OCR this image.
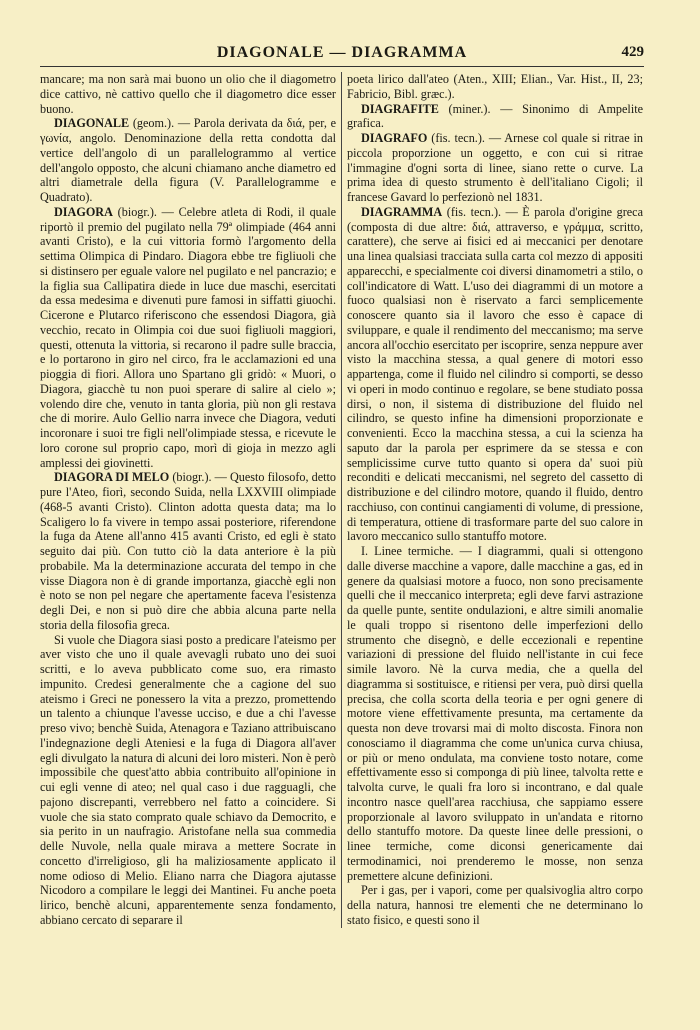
DIAGONALE — DIAGRAMMA	429

mancare; ma non sarà mai buono un olio che il diagometro dice cattivo, nè cattivo quello che il diagometro dice esser buono.

DIAGONALE (geom.). — Parola derivata da διά, per, e γωνία, angolo. Denominazione della retta condotta dal vertice dell'angolo di un parallelogrammo al vertice dell'angolo opposto, che alcuni chiamano anche diametro ed altri diametrale della figura (V. Parallelogramme e Quadrato).

DIAGORA (biogr.). — Celebre atleta di Rodi, il quale riportò il premio del pugilato nella 79ª olimpiade (464 anni avanti Cristo), e la cui vittoria formò l'argomento della settima Olimpica di Pindaro. Diagora ebbe tre figliuoli che si distinsero per eguale valore nel pugilato e nel pancrazio; e la figlia sua Callipatira diede in luce due maschi, esercitati da essa medesima e divenuti pure famosi in siffatti giuochi. Cicerone e Plutarco riferiscono che essendosi Diagora, già vecchio, recato in Olimpia coi due suoi figliuoli maggiori, questi, ottenuta la vittoria, si recarono il padre sulle braccia, e lo portarono in giro nel circo, fra le acclamazioni ed una pioggia di fiori. Allora uno Spartano gli gridò: « Muori, o Diagora, giacchè tu non puoi sperare di salire al cielo »; volendo dire che, venuto in tanta gloria, più non gli restava che di morire. Aulo Gellio narra invece che Diagora, veduti incoronare i suoi tre figli nell'olimpiade stessa, e ricevute le loro corone sul proprio capo, morì di gioja in mezzo agli amplessi dei giovinetti.

DIAGORA DI MELO (biogr.). — Questo filosofo, detto pure l'Ateo, fiorì, secondo Suida, nella LXXVIII olimpiade (468-5 avanti Cristo). Clinton adotta questa data; ma lo Scaligero lo fa vivere in tempo assai posteriore, riferendone la fuga da Atene all'anno 415 avanti Cristo, ed egli è stato seguito dai più. Con tutto ciò la data anteriore è la più probabile. Ma la determinazione accurata del tempo in che visse Diagora non è di grande importanza, giacchè egli non è noto se non pel negare che apertamente faceva l'esistenza degli Dei, e non si può dire che abbia alcuna parte nella storia della filosofia greca.

Si vuole che Diagora siasi posto a predicare l'ateismo per aver visto che uno il quale avevagli rubato uno dei suoi scritti, e lo aveva pubblicato come suo, era rimasto impunito. Credesi generalmente che a cagione del suo ateismo i Greci ne ponessero la vita a prezzo, promettendo un talento a chiunque l'avesse ucciso, e due a chi l'avesse preso vivo; benchè Suida, Atenagora e Taziano attribuiscano l'indegnazione degli Ateniesi e la fuga di Diagora all'aver egli divulgato la natura di alcuni dei loro misteri. Non è però impossibile che quest'atto abbia contribuito all'opinione in cui egli venne di ateo; nel qual caso i due ragguagli, che pajono discrepanti, verrebbero nel fatto a coincidere. Si vuole che sia stato comprato quale schiavo da Democrito, e sia perito in un naufragio. Aristofane nella sua commedia delle Nuvole, nella quale mirava a mettere Socrate in concetto d'irreligioso, gli ha maliziosamente applicato il nome odioso di Melio. Eliano narra che Diagora ajutasse Nicodoro a compilare le leggi dei Mantinei. Fu anche poeta lirico, benchè alcuni, apparentemente senza fondamento, abbiano cercato di separare il

poeta lirico dall'ateo (Aten., XIII; Elian., Var. Hist., II, 23; Fabricio, Bibl. græc.).

DIAGRAFITE (miner.). — Sinonimo di Ampelite grafica.

DIAGRAFO (fis. tecn.). — Arnese col quale si ritrae in piccola proporzione un oggetto, e con cui si ritrae l'immagine d'ogni sorta di linee, siano rette o curve. La prima idea di questo strumento è dell'italiano Cigoli; il francese Gavard lo perfezionò nel 1831.

DIAGRAMMA (fis. tecn.). — È parola d'origine greca (composta di due altre: διά, attraverso, e γράμμα, scritto, carattere), che serve ai fisici ed ai meccanici per denotare una linea qualsiasi tracciata sulla carta col mezzo di appositi apparecchi, e specialmente coi diversi dinamometri a stilo, o coll'indicatore di Watt. L'uso dei diagrammi di un motore a fuoco qualsiasi non è riservato a farci semplicemente conoscere quanto sia il lavoro che esso è capace di sviluppare, e quale il rendimento del meccanismo; ma serve ancora all'occhio esercitato per iscoprire, senza neppure aver visto la macchina stessa, a qual genere di motori esso appartenga, come il fluido nel cilindro si comporti, se desso vi operi in modo continuo e regolare, se bene studiato possa dirsi, o non, il sistema di distribuzione del fluido nel cilindro, se questo infine ha dimensioni proporzionate e convenienti. Ecco la macchina stessa, a cui la scienza ha saputo dar la parola per esprimere da se stessa e con semplicissime curve tutto quanto si opera da' suoi più reconditi e delicati meccanismi, nel segreto del cassetto di distribuzione e del cilindro motore, quando il fluido, dentro racchiuso, con continui cangiamenti di volume, di pressione, di temperatura, ottiene di trasformare parte del suo calore in lavoro meccanico sullo stantuffo motore.

I. Linee termiche. — I diagrammi, quali si ottengono dalle diverse macchine a vapore, dalle macchine a gas, ed in genere da qualsiasi motore a fuoco, non sono precisamente quelli che il meccanico interpreta; egli deve farvi astrazione da quelle punte, sentite ondulazioni, e altre simili anomalie le quali troppo si risentono delle imperfezioni dello strumento che disegnò, e delle eccezionali e repentine variazioni di pressione del fluido nell'istante in cui fece simile lavoro. Nè la curva media, che a quella del diagramma si sostituisce, e ritiensi per vera, può dirsi quella precisa, che colla scorta della teoria e per ogni genere di motore viene effettivamente presunta, ma certamente da questa non deve trovarsi mai di molto discosta. Finora non conosciamo il diagramma che come un'unica curva chiusa, or più or meno ondulata, ma conviene tosto notare, come effettivamente esso si componga di più linee, talvolta rette e talvolta curve, le quali fra loro si incontrano, e dal quale incontro nasce quell'area racchiusa, che sappiamo essere proporzionale al lavoro sviluppato in un'andata e ritorno dello stantuffo motore. Da queste linee delle pressioni, o linee termiche, come diconsi genericamente dai termodinamici, noi prenderemo le mosse, non senza premettere alcune definizioni.

Per i gas, per i vapori, come per qualsivoglia altro corpo della natura, hannosi tre elementi che ne determinano lo stato fisico, e questi sono il
